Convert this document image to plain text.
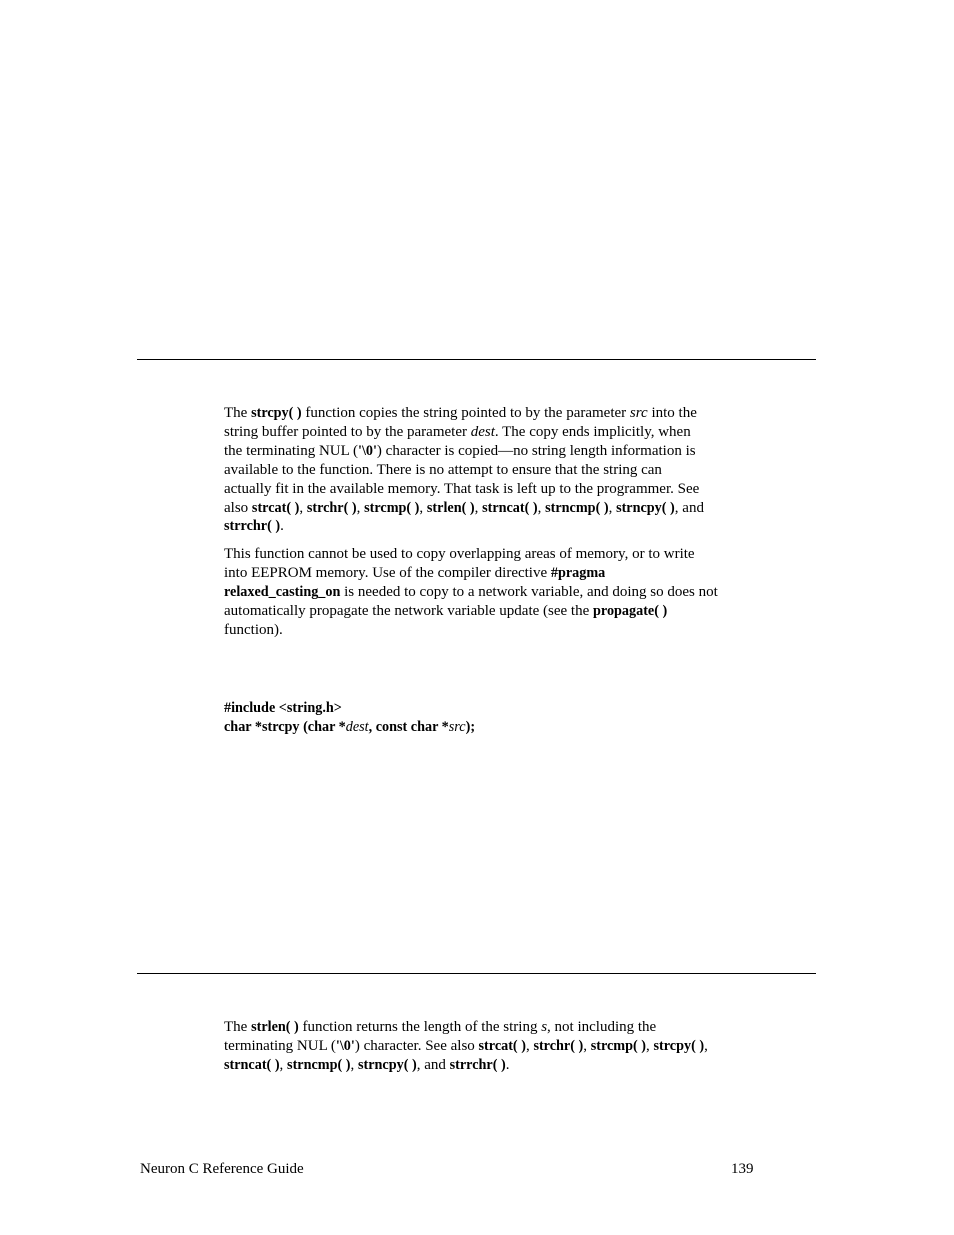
The strcpy( ) function copies the string pointed to by the parameter src into the
string buffer pointed to by the parameter dest. The copy ends implicitly, when
the terminating NUL ('\0') character is copied—no string length information is
available to the function. There is no attempt to ensure that the string can
actually fit in the available memory. That task is left up to the programmer. See
also strcat( ), strchr( ), strcmp( ), strlen( ), strncat( ), strncmp( ), strncpy( ), and
strrchr( ).
This function cannot be used to copy overlapping areas of memory, or to write
into EEPROM memory. Use of the compiler directive #pragma
relaxed_casting_on is needed to copy to a network variable, and doing so does not
automatically propagate the network variable update (see the propagate( )
function).
#include <string.h>
char *strcpy (char *dest, const char *src);
The strlen( ) function returns the length of the string s, not including the
terminating NUL ('\0') character. See also strcat( ), strchr( ), strcmp( ), strcpy( ),
strncat( ), strncmp( ), strncpy( ), and strrchr( ).
Neuron C Reference Guide	139
